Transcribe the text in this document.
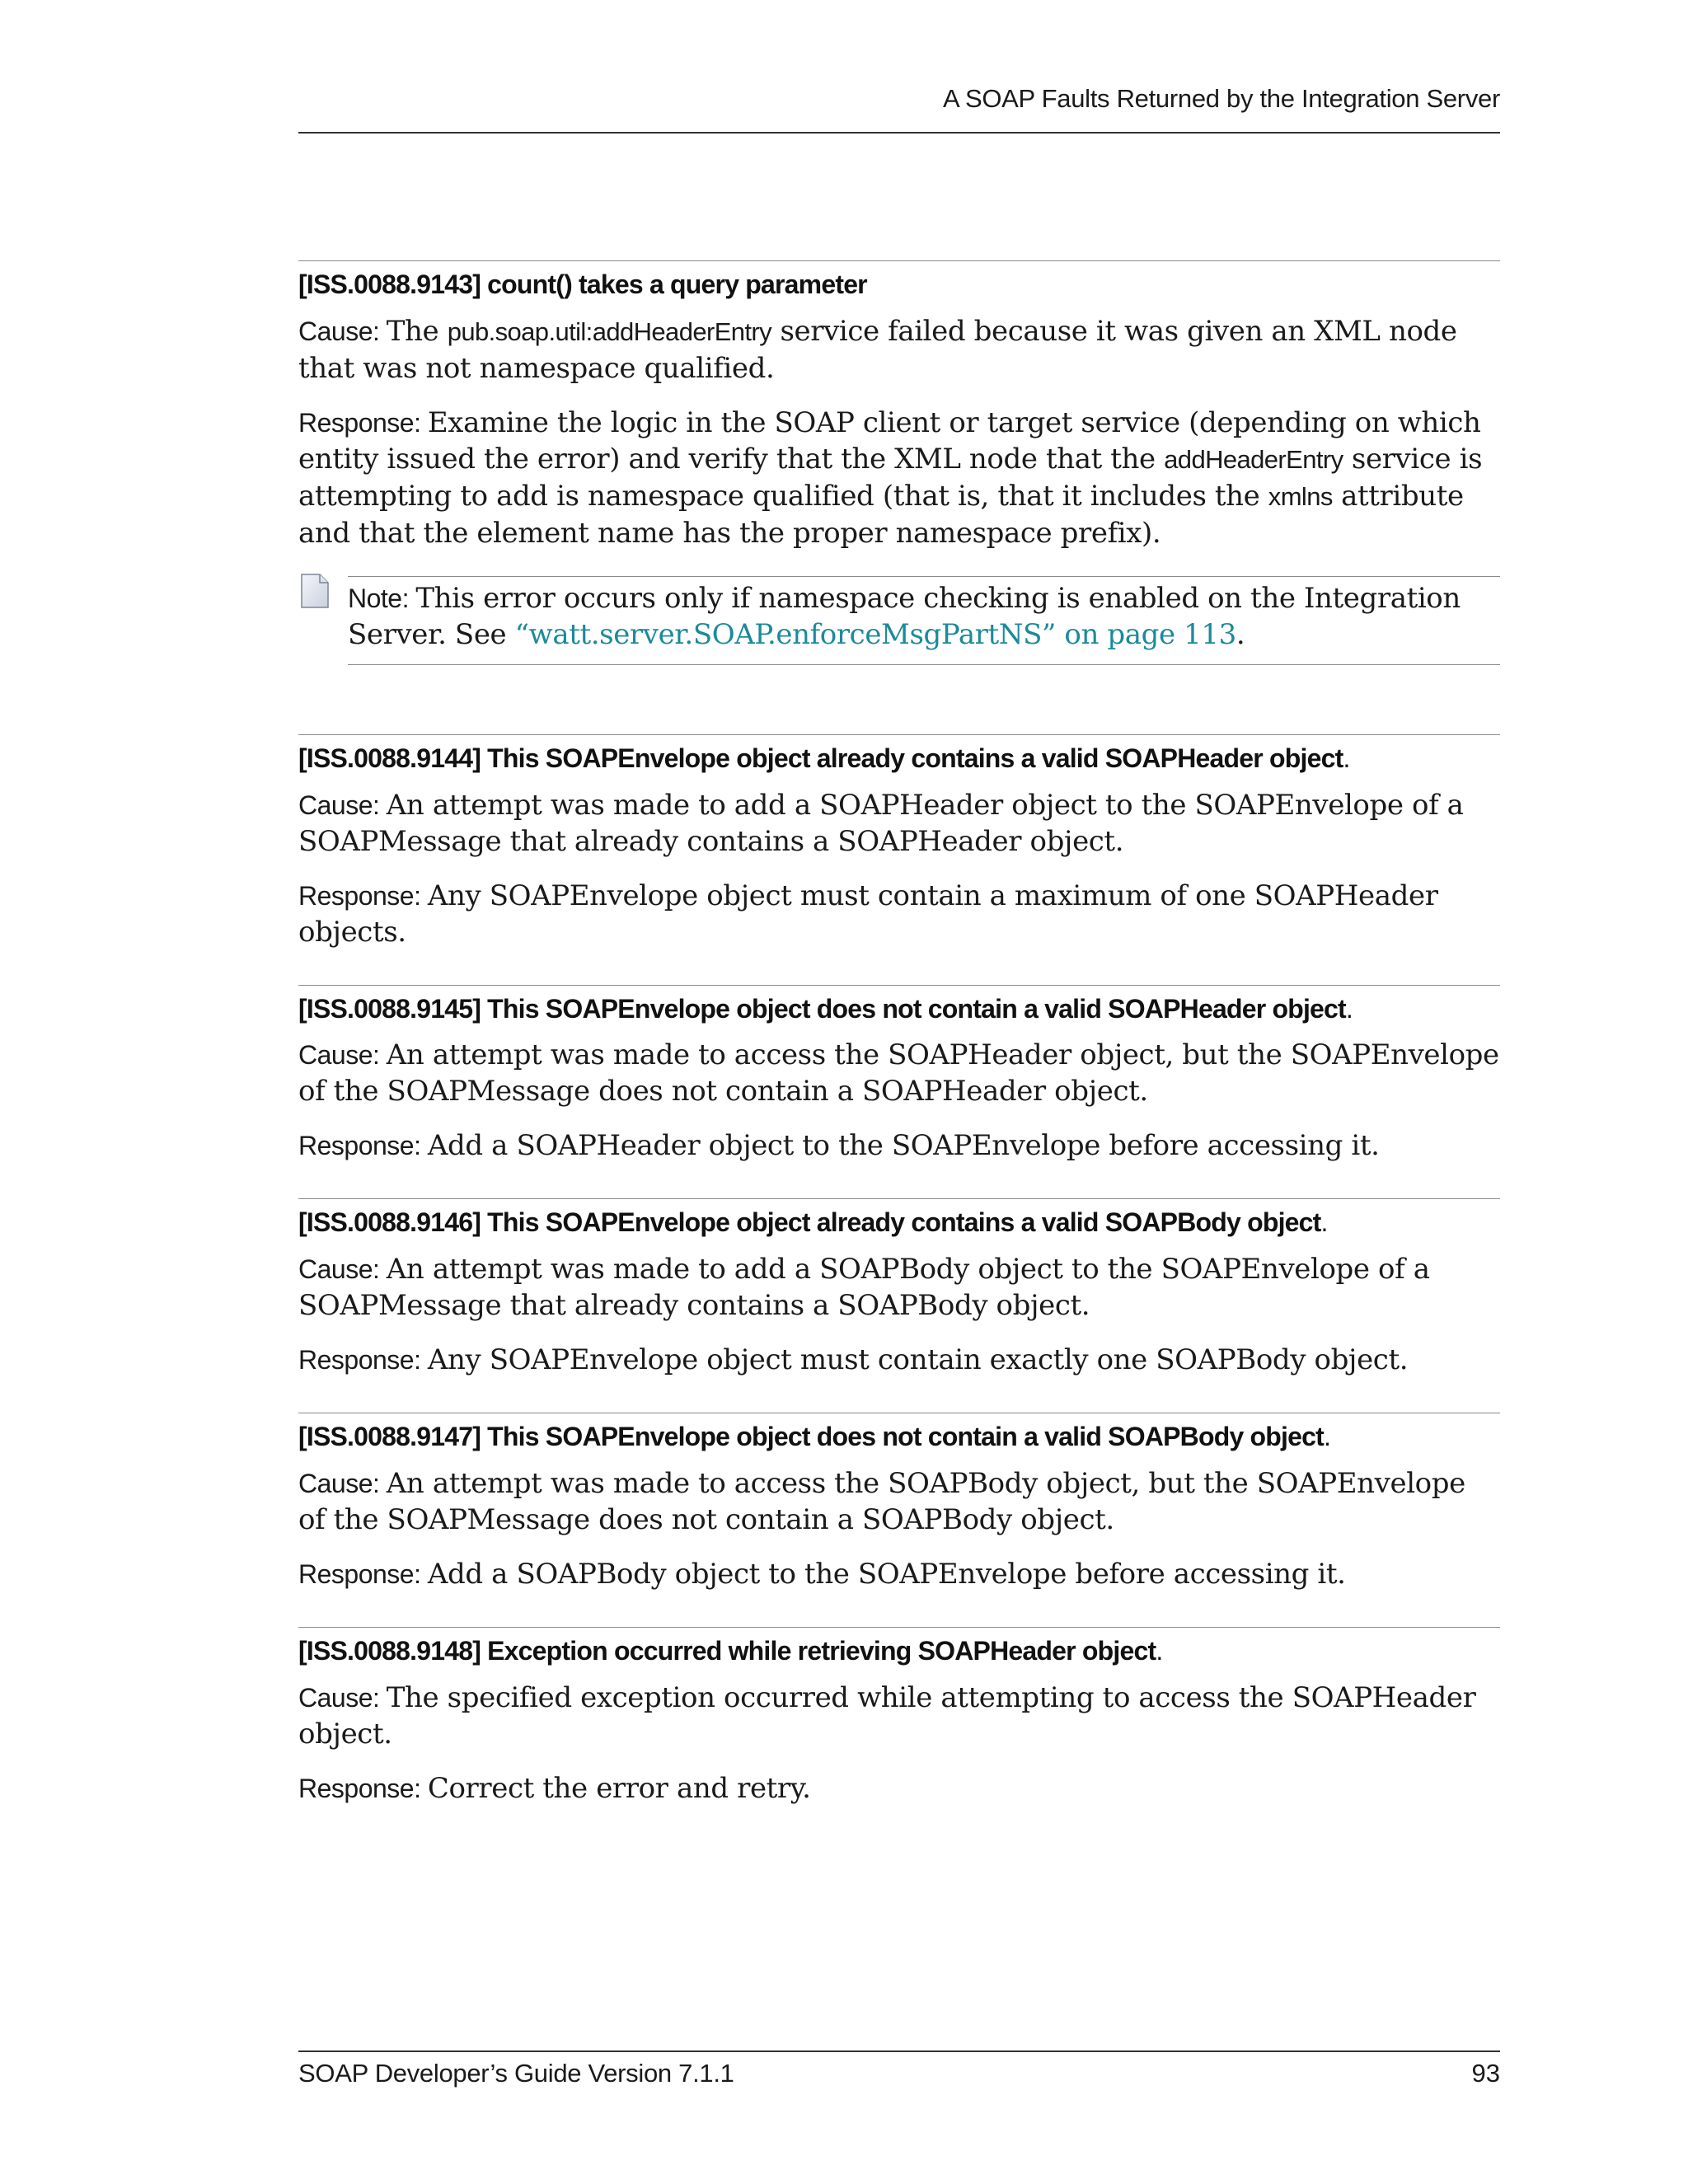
A SOAP Faults Returned by the Integration Server
[ISS.0088.9143] count() takes a query parameter

Cause: The pub.soap.util:addHeaderEntry service failed because it was given an XML node that was not namespace qualified.

Response: Examine the logic in the SOAP client or target service (depending on which entity issued the error) and verify that the XML node that the addHeaderEntry service is attempting to add is namespace qualified (that is, that it includes the xmlns attribute and that the element name has the proper namespace prefix).

Note: This error occurs only if namespace checking is enabled on the Integration Server. See “watt.server.SOAP.enforceMsgPartNS” on page 113.

[ISS.0088.9144] This SOAPEnvelope object already contains a valid SOAPHeader object.

Cause: An attempt was made to add a SOAPHeader object to the SOAPEnvelope of a SOAPMessage that already contains a SOAPHeader object.

Response: Any SOAPEnvelope object must contain a maximum of one SOAPHeader objects.

[ISS.0088.9145] This SOAPEnvelope object does not contain a valid SOAPHeader object.

Cause: An attempt was made to access the SOAPHeader object, but the SOAPEnvelope of the SOAPMessage does not contain a SOAPHeader object.

Response: Add a SOAPHeader object to the SOAPEnvelope before accessing it.

[ISS.0088.9146] This SOAPEnvelope object already contains a valid SOAPBody object.

Cause: An attempt was made to add a SOAPBody object to the SOAPEnvelope of a SOAPMessage that already contains a SOAPBody object.

Response: Any SOAPEnvelope object must contain exactly one SOAPBody object.

[ISS.0088.9147] This SOAPEnvelope object does not contain a valid SOAPBody object.

Cause: An attempt was made to access the SOAPBody object, but the SOAPEnvelope of the SOAPMessage does not contain a SOAPBody object.

Response: Add a SOAPBody object to the SOAPEnvelope before accessing it.

[ISS.0088.9148] Exception occurred while retrieving SOAPHeader object.

Cause: The specified exception occurred while attempting to access the SOAPHeader object.

Response: Correct the error and retry.

SOAP Developer’s Guide Version 7.1.1	93
